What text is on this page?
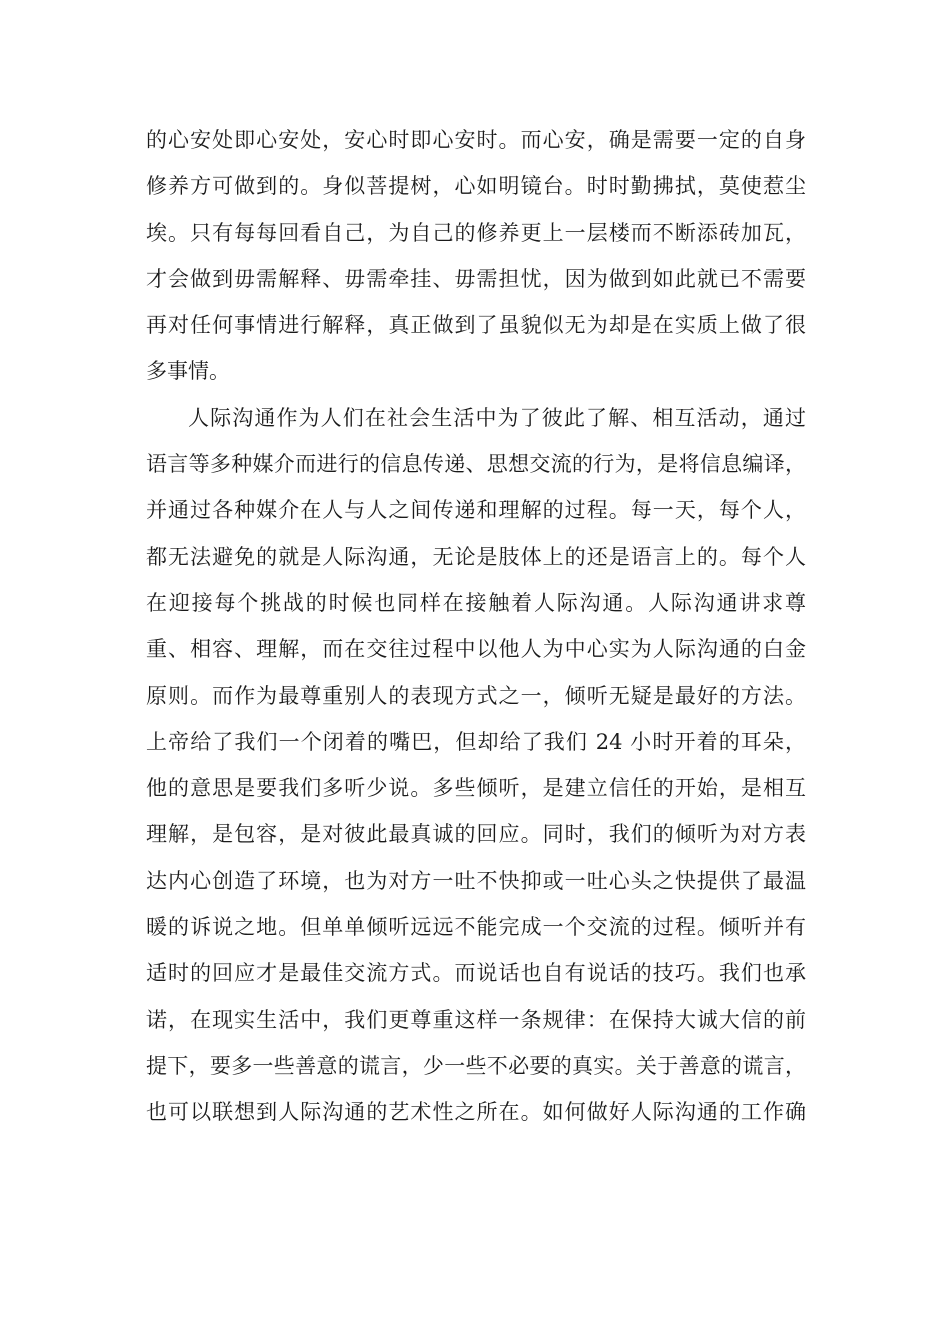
的心安处即心安处，安心时即心安时。而心安，确是需要一定的自身
修养方可做到的。身似菩提树，心如明镜台。时时勤拂拭，莫使惹尘
埃。只有每每回看自己，为自己的修养更上一层楼而不断添砖加瓦，
才会做到毋需解释、毋需牵挂、毋需担忧，因为做到如此就已不需要
再对任何事情进行解释，真正做到了虽貌似无为却是在实质上做了很
多事情。
人际沟通作为人们在社会生活中为了彼此了解、相互活动，通过
语言等多种媒介而进行的信息传递、思想交流的行为，是将信息编译，
并通过各种媒介在人与人之间传递和理解的过程。每一天，每个人，
都无法避免的就是人际沟通，无论是肢体上的还是语言上的。每个人
在迎接每个挑战的时候也同样在接触着人际沟通。人际沟通讲求尊
重、相容、理解，而在交往过程中以他人为中心实为人际沟通的白金
原则。而作为最尊重别人的表现方式之一，倾听无疑是最好的方法。
上帝给了我们一个闭着的嘴巴，但却给了我们 24 小时开着的耳朵，
他的意思是要我们多听少说。多些倾听，是建立信任的开始，是相互
理解，是包容，是对彼此最真诚的回应。同时，我们的倾听为对方表
达内心创造了环境，也为对方一吐不快抑或一吐心头之快提供了最温
暖的诉说之地。但单单倾听远远不能完成一个交流的过程。倾听并有
适时的回应才是最佳交流方式。而说话也自有说话的技巧。我们也承
诺，在现实生活中，我们更尊重这样一条规律：在保持大诚大信的前
提下，要多一些善意的谎言，少一些不必要的真实。关于善意的谎言，
也可以联想到人际沟通的艺术性之所在。如何做好人际沟通的工作确
